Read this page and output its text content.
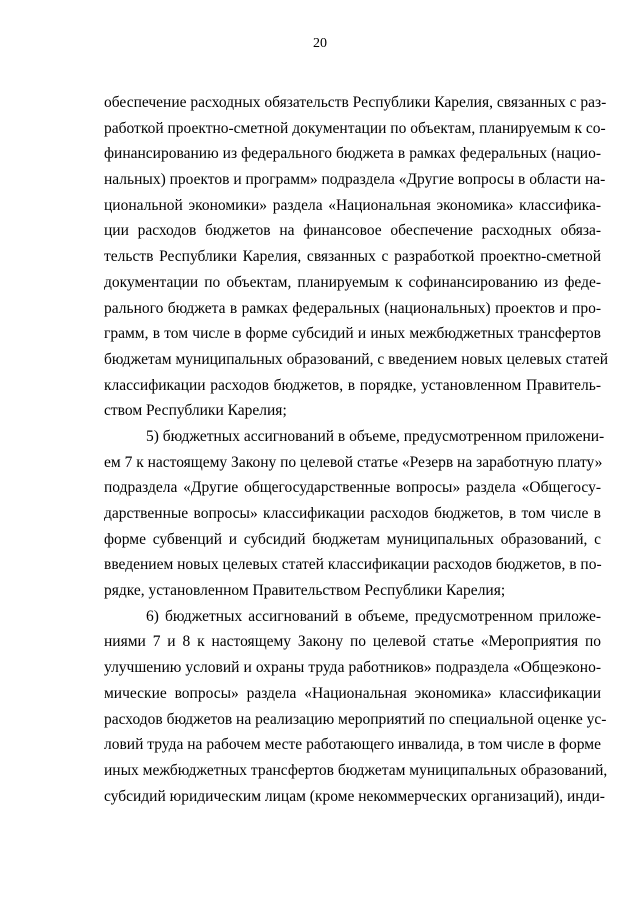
20
обеспечение расходных обязательств Республики Карелия, связанных с раз-
работкой проектно-сметной документации по объектам, планируемым к со-
финансированию из федерального бюджета в рамках федеральных (нацио-
нальных) проектов и программ» подраздела «Другие вопросы в области на-
циональной экономики» раздела «Национальная экономика» классифика-
ции расходов бюджетов на финансовое обеспечение расходных обяза-
тельств Республики Карелия, связанных с разработкой проектно-сметной
документации по объектам, планируемым к софинансированию из феде-
рального бюджета в рамках федеральных (национальных) проектов и про-
грамм, в том числе в форме субсидий и иных межбюджетных трансфертов
бюджетам муниципальных образований, с введением новых целевых статей
классификации расходов бюджетов, в порядке, установленном Правитель-
ством Республики Карелия;
5) бюджетных ассигнований в объеме, предусмотренном приложени-
ем 7 к настоящему Закону по целевой статье «Резерв на заработную плату»
подраздела «Другие общегосударственные вопросы» раздела «Общегосу-
дарственные вопросы» классификации расходов бюджетов, в том числе в
форме субвенций и субсидий бюджетам муниципальных образований, с
введением новых целевых статей классификации расходов бюджетов, в по-
рядке, установленном Правительством Республики Карелия;
6) бюджетных ассигнований в объеме, предусмотренном приложе-
ниями 7 и 8 к настоящему Закону по целевой статье «Мероприятия по
улучшению условий и охраны труда работников» подраздела «Общеэконо-
мические вопросы» раздела «Национальная экономика» классификации
расходов бюджетов на реализацию мероприятий по специальной оценке ус-
ловий труда на рабочем месте работающего инвалида, в том числе в форме
иных межбюджетных трансфертов бюджетам муниципальных образований,
субсидий юридическим лицам (кроме некоммерческих организаций), инди-
